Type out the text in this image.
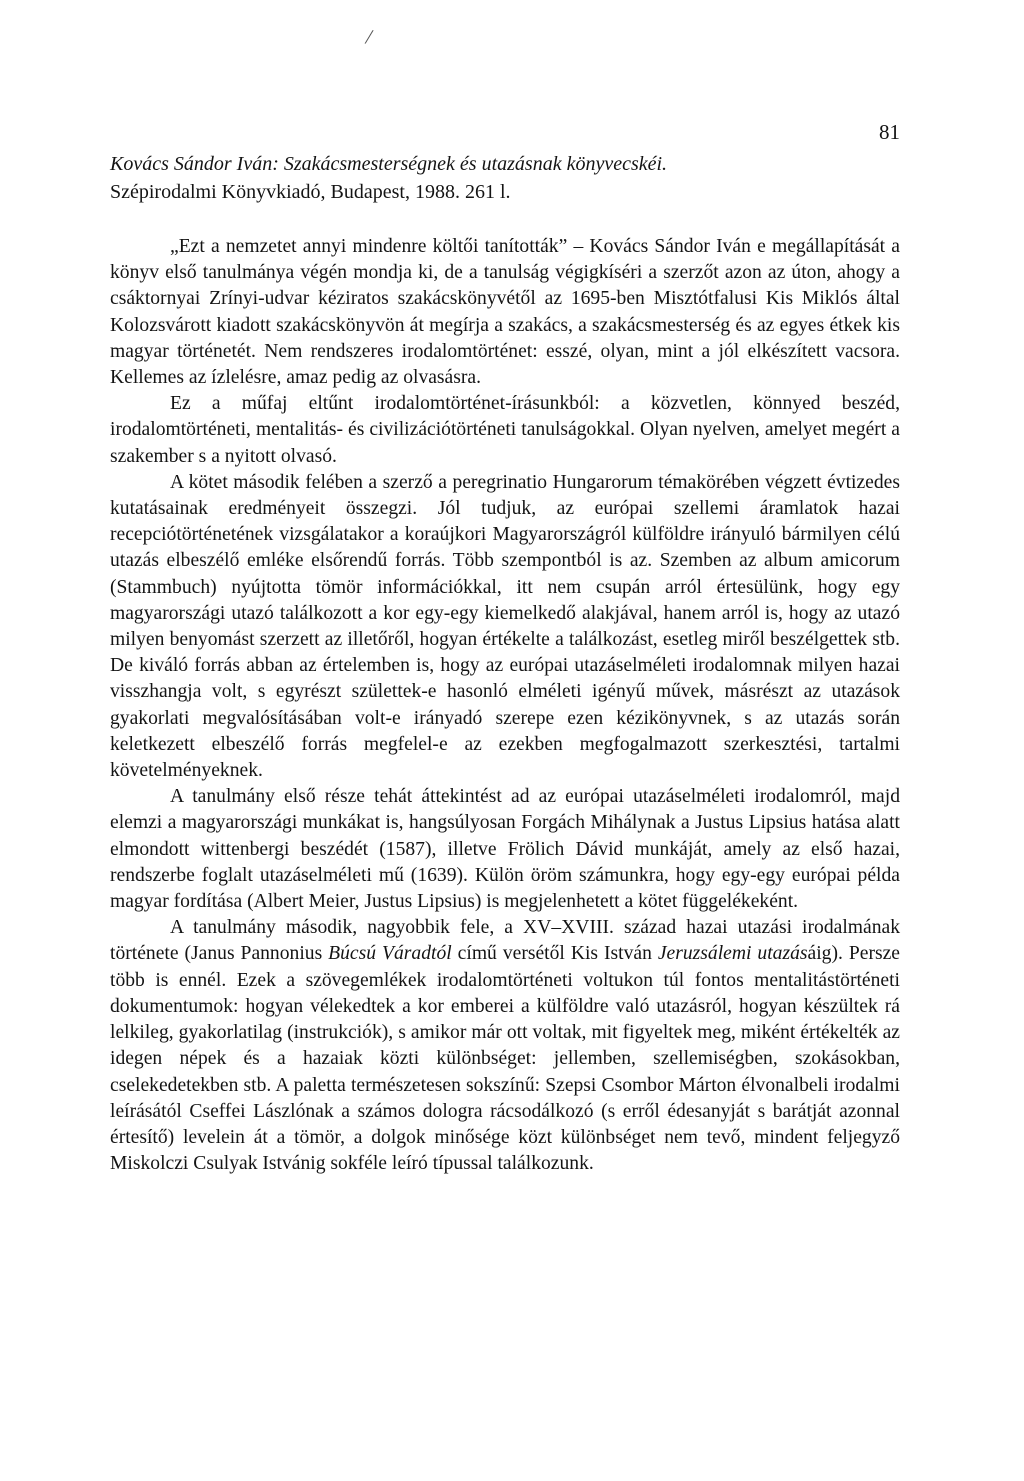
/
81
Kovács Sándor Iván: Szakácsmesterségnek és utazásnak könyvecskéi.
Szépirodalmi Könyvkiadó, Budapest, 1988. 261 l.

„Ezt a nemzetet annyi mindenre költői tanították” – Kovács Sándor Iván e megállapítását a könyv első tanulmánya végén mondja ki, de a tanulság végigkíséri a szerzőt azon az úton, ahogy a csáktornyai Zrínyi-udvar kéziratos szakácskönyvétől az 1695-ben Misztótfalusi Kis Miklós által Kolozsvárott kiadott szakácskönyvön át megírja a szakács, a szakácsmesterség és az egyes étkek kis magyar történetét. Nem rendszeres irodalomtörténet: esszé, olyan, mint a jól elkészített vacsora. Kellemes az ízlelésre, amaz pedig az olvasásra.

Ez a műfaj eltűnt irodalomtörténet-írásunkból: a közvetlen, könnyed beszéd, irodalomtörténeti, mentalitás- és civilizációtörténeti tanulságokkal. Olyan nyelven, amelyet megért a szakember s a nyitott olvasó.

A kötet második felében a szerző a peregrinatio Hungarorum témakörében végzett évtizedes kutatásainak eredményeit összegzi. Jól tudjuk, az európai szellemi áramlatok hazai recepciótörténetének vizsgálatakor a koraújkori Magyarországról külföldre irányuló bármilyen célú utazás elbeszélő emléke elsőrendű forrás. Több szempontból is az. Szemben az album amicorum (Stammbuch) nyújtotta tömör információkkal, itt nem csupán arról értesülünk, hogy egy magyarországi utazó találkozott a kor egy-egy kiemelkedő alakjával, hanem arról is, hogy az utazó milyen benyomást szerzett az illetőről, hogyan értékelte a találkozást, esetleg miről beszélgettek stb. De kiváló forrás abban az értelemben is, hogy az európai utazáselméleti irodalomnak milyen hazai visszhangja volt, s egyrészt születtek-e hasonló elméleti igényű művek, másrészt az utazások gyakorlati megvalósításában volt-e irányadó szerepe ezen kézikönyvnek, s az utazás során keletkezett elbeszélő forrás megfelel-e az ezekben megfogalmazott szerkesztési, tartalmi követelményeknek.

A tanulmány első része tehát áttekintést ad az európai utazáselméleti irodalomról, majd elemzi a magyarországi munkákat is, hangsúlyosan Forgách Mihálynak a Justus Lipsius hatása alatt elmondott wittenbergi beszédét (1587), illetve Frölich Dávid munkáját, amely az első hazai, rendszerbe foglalt utazáselméleti mű (1639). Külön öröm számunkra, hogy egy-egy európai példa magyar fordítása (Albert Meier, Justus Lipsius) is megjelenhetett a kötet függelékeként.

A tanulmány második, nagyobbik fele, a XV–XVIII. század hazai utazási irodalmának története (Janus Pannonius Búcsú Váradtól című versétől Kis István Jeruzsálemi utazásáig). Persze több is ennél. Ezek a szövegemlékek irodalomtörténeti voltukon túl fontos mentalitástörténeti dokumentumok: hogyan vélekedtek a kor emberei a külföldre való utazásról, hogyan készültek rá lelkileg, gyakorlatilag (instrukciók), s amikor már ott voltak, mit figyeltek meg, miként értékelték az idegen népek és a hazaiak közti különbséget: jellemben, szellemiségben, szokásokban, cselekedetekben stb. A paletta természetesen sokszínű: Szepsi Csombor Márton élvonalbeli irodalmi leírásától Cseffei Lászlónak a számos dologra rácsodálkozó (s erről édesanyját s barátját azonnal értesítő) levelein át a tömör, a dolgok minősége közt különbséget nem tevő, mindent feljegyző Miskolczi Csulyak Istvánig sokféle leíró típussal találkozunk.
